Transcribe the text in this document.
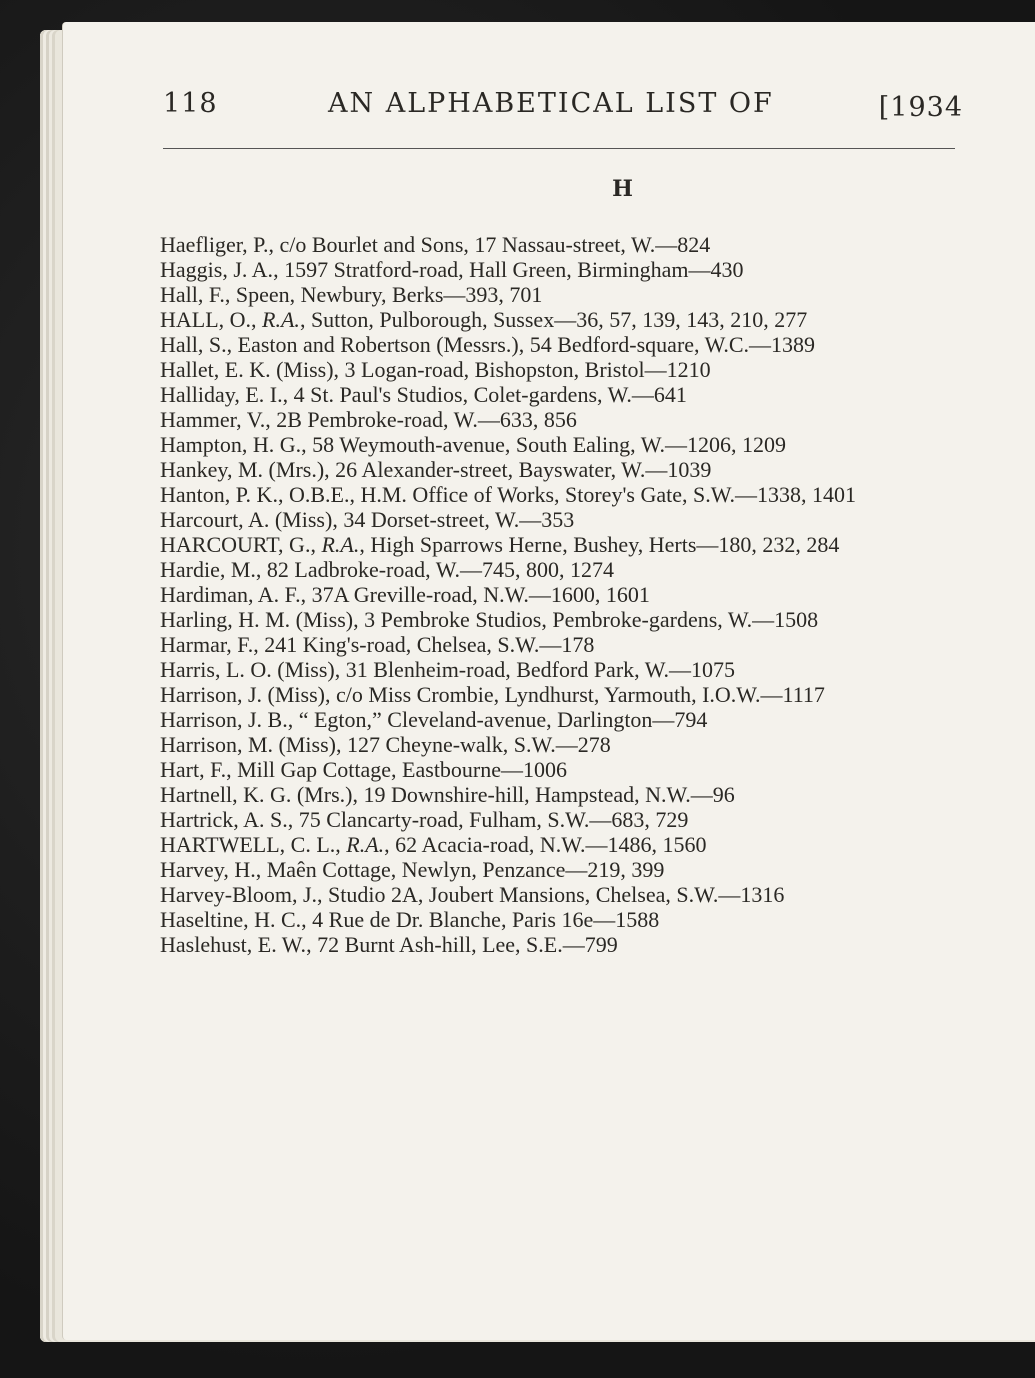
118	AN ALPHABETICAL LIST OF	[1934
H

Haefliger, P., c/o Bourlet and Sons, 17 Nassau-street, W.—824

Haggis, J. A., 1597 Stratford-road, Hall Green, Birmingham—430

Hall, F., Speen, Newbury, Berks—393, 701

HALL, O., R.A., Sutton, Pulborough, Sussex—36, 57, 139, 143, 210, 277

Hall, S., Easton and Robertson (Messrs.), 54 Bedford-square, W.C.—1389

Hallet, E. K. (Miss), 3 Logan-road, Bishopston, Bristol—1210

Halliday, E. I., 4 St. Paul's Studios, Colet-gardens, W.—641

Hammer, V., 2B Pembroke-road, W.—633, 856

Hampton, H. G., 58 Weymouth-avenue, South Ealing, W.—1206, 1209

Hankey, M. (Mrs.), 26 Alexander-street, Bayswater, W.—1039

Hanton, P. K., O.B.E., H.M. Office of Works, Storey's Gate, S.W.—1338, 1401

Harcourt, A. (Miss), 34 Dorset-street, W.—353

HARCOURT, G., R.A., High Sparrows Herne, Bushey, Herts—180, 232, 284

Hardie, M., 82 Ladbroke-road, W.—745, 800, 1274

Hardiman, A. F., 37A Greville-road, N.W.—1600, 1601

Harling, H. M. (Miss), 3 Pembroke Studios, Pembroke-gardens, W.—1508

Harmar, F., 241 King's-road, Chelsea, S.W.—178

Harris, L. O. (Miss), 31 Blenheim-road, Bedford Park, W.—1075

Harrison, J. (Miss), c/o Miss Crombie, Lyndhurst, Yarmouth, I.O.W.—1117

Harrison, J. B., “ Egton,” Cleveland-avenue, Darlington—794

Harrison, M. (Miss), 127 Cheyne-walk, S.W.—278

Hart, F., Mill Gap Cottage, Eastbourne—1006

Hartnell, K. G. (Mrs.), 19 Downshire-hill, Hampstead, N.W.—96

Hartrick, A. S., 75 Clancarty-road, Fulham, S.W.—683, 729

HARTWELL, C. L., R.A., 62 Acacia-road, N.W.—1486, 1560

Harvey, H., Maên Cottage, Newlyn, Penzance—219, 399

Harvey-Bloom, J., Studio 2A, Joubert Mansions, Chelsea, S.W.—1316

Haseltine, H. C., 4 Rue de Dr. Blanche, Paris 16e—1588

Haslehust, E. W., 72 Burnt Ash-hill, Lee, S.E.—799
